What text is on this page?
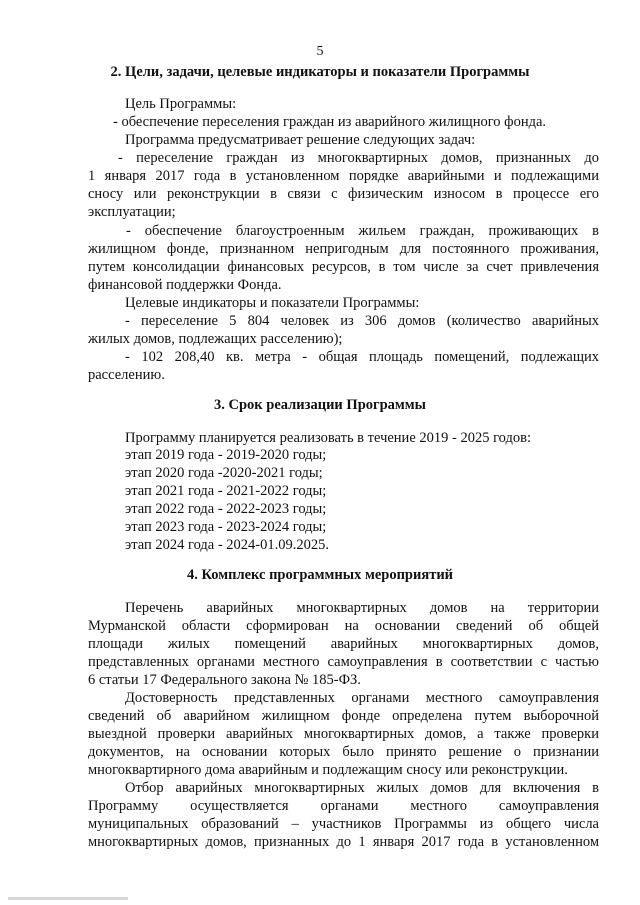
5
2. Цели, задачи, целевые индикаторы и показатели Программы
Цель Программы:
- обеспечение переселения граждан из аварийного жилищного фонда.
Программа предусматривает решение следующих задач:
- переселение граждан из многоквартирных домов, признанных до
1 января 2017 года в установленном порядке аварийными и подлежащими
сносу или реконструкции в связи с физическим износом в процессе его
эксплуатации;
- обеспечение благоустроенным жильем граждан, проживающих в
жилищном фонде, признанном непригодным для постоянного проживания,
путем консолидации финансовых ресурсов, в том числе за счет привлечения
финансовой поддержки Фонда.
Целевые индикаторы и показатели Программы:
- переселение 5 804 человек из 306 домов (количество аварийных
жилых домов, подлежащих расселению);
- 102 208,40 кв. метра - общая площадь помещений, подлежащих
расселению.
3. Срок реализации Программы
Программу планируется реализовать в течение 2019 - 2025 годов:
этап 2019 года - 2019-2020 годы;
этап 2020 года -2020-2021 годы;
этап 2021 года - 2021-2022 годы;
этап 2022 года - 2022-2023 годы;
этап 2023 года - 2023-2024 годы;
этап 2024 года - 2024-01.09.2025.
4. Комплекс программных мероприятий
Перечень аварийных многоквартирных домов на территории
Мурманской области сформирован на основании сведений об общей
площади жилых помещений аварийных многоквартирных домов,
представленных органами местного самоуправления в соответствии с частью
6 статьи 17 Федерального закона № 185-ФЗ.
Достоверность представленных органами местного самоуправления
сведений об аварийном жилищном фонде определена путем выборочной
выездной проверки аварийных многоквартирных домов, а также проверки
документов, на основании которых было принято решение о признании
многоквартирного дома аварийным и подлежащим сносу или реконструкции.
Отбор аварийных многоквартирных жилых домов для включения в
Программу осуществляется органами местного самоуправления
муниципальных образований – участников Программы из общего числа
многоквартирных домов, признанных до 1 января 2017 года в установленном
